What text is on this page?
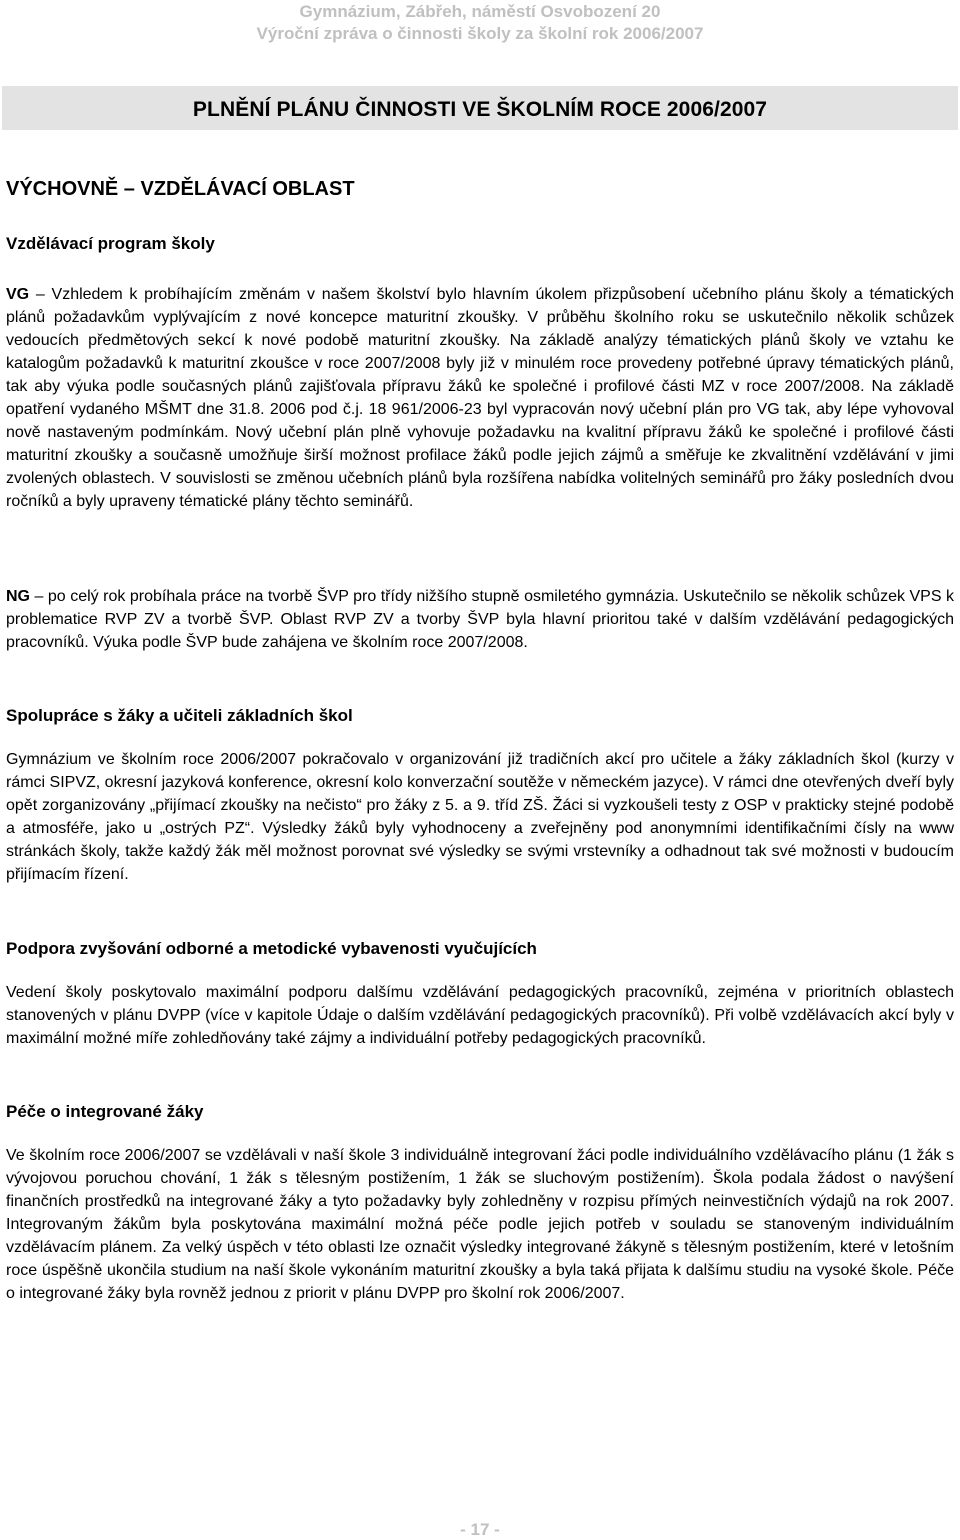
Gymnázium, Zábřeh, náměstí Osvobození 20
Výroční zpráva o činnosti školy za školní rok 2006/2007
PLNĚNÍ PLÁNU ČINNOSTI VE ŠKOLNÍM ROCE 2006/2007
VÝCHOVNĚ – VZDĚLÁVACÍ OBLAST
Vzdělávací program školy

VG – Vzhledem k probíhajícím změnám v našem školství bylo hlavním úkolem přizpůsobení učebního plánu školy a tématických plánů požadavkům vyplývajícím z nové koncepce maturitní zkoušky. V průběhu školního roku se uskutečnilo několik schůzek vedoucích předmětových sekcí k nové podobě maturitní zkoušky. Na základě analýzy tématických plánů školy ve vztahu ke katalogům požadavků k maturitní zkoušce v roce 2007/2008 byly již v minulém roce provedeny potřebné úpravy tématických plánů, tak aby výuka podle současných plánů zajišťovala přípravu žáků ke společné i profilové části MZ v roce 2007/2008. Na základě opatření vydaného MŠMT dne 31.8. 2006 pod č.j. 18 961/2006-23 byl vypracován nový učební plán pro VG tak, aby lépe vyhovoval nově nastaveným podmínkám. Nový učební plán plně vyhovuje požadavku na kvalitní přípravu žáků ke společné i profilové části maturitní zkoušky a současně umožňuje širší možnost profilace žáků podle jejich zájmů a směřuje ke zkvalitnění vzdělávání v jimi zvolených oblastech. V souvislosti se změnou učebních plánů byla rozšířena nabídka volitelných seminářů pro žáky posledních dvou ročníků a byly upraveny tématické plány těchto seminářů.

NG – po celý rok probíhala práce na tvorbě ŠVP pro třídy nižšího stupně osmiletého gymnázia. Uskutečnilo se několik schůzek VPS k problematice RVP ZV a tvorbě ŠVP. Oblast RVP ZV a tvorby ŠVP byla hlavní prioritou také v dalším vzdělávání pedagogických pracovníků. Výuka podle ŠVP bude zahájena ve školním roce 2007/2008.

Spolupráce s žáky a učiteli základních škol

Gymnázium ve školním roce 2006/2007 pokračovalo v organizování již tradičních akcí pro učitele a žáky základních škol (kurzy v rámci SIPVZ, okresní jazyková konference, okresní kolo konverzační soutěže v německém jazyce). V rámci dne otevřených dveří byly opět zorganizovány „přijímací zkoušky na nečisto“ pro žáky z 5. a 9. tříd ZŠ. Žáci si vyzkoušeli testy z OSP v prakticky stejné podobě a atmosféře, jako u „ostrých PZ“. Výsledky žáků byly vyhodnoceny a zveřejněny pod anonymními identifikačními čísly na www stránkách školy, takže každý žák měl možnost porovnat své výsledky se svými vrstevníky a odhadnout tak své možnosti v budoucím přijímacím řízení.

Podpora zvyšování odborné a metodické vybavenosti vyučujících

Vedení školy poskytovalo maximální podporu dalšímu vzdělávání pedagogických pracovníků, zejména v prioritních oblastech stanovených v plánu DVPP (více v kapitole Údaje o dalším vzdělávání pedagogických pracovníků). Při volbě vzdělávacích akcí byly v maximální možné míře zohledňovány také zájmy a individuální potřeby pedagogických pracovníků.

Péče o integrované žáky

Ve školním roce 2006/2007 se vzdělávali v naší škole 3 individuálně integrovaní žáci podle individuálního vzdělávacího plánu (1 žák s vývojovou poruchou chování, 1 žák s tělesným postižením, 1 žák se sluchovým postižením). Škola podala žádost o navýšení finančních prostředků na integrované žáky a tyto požadavky byly zohledněny v rozpisu přímých neinvestičních výdajů na rok 2007. Integrovaným žákům byla poskytována maximální možná péče podle jejich potřeb v souladu se stanoveným individuálním vzdělávacím plánem. Za velký úspěch v této oblasti lze označit výsledky integrované žákyně s tělesným postižením, které v letošním roce úspěšně ukončila studium na naší škole vykonáním maturitní zkoušky a byla taká přijata k dalšímu studiu na vysoké škole. Péče o integrované žáky byla rovněž jednou z priorit v plánu DVPP pro školní rok 2006/2007.

- 17 -
